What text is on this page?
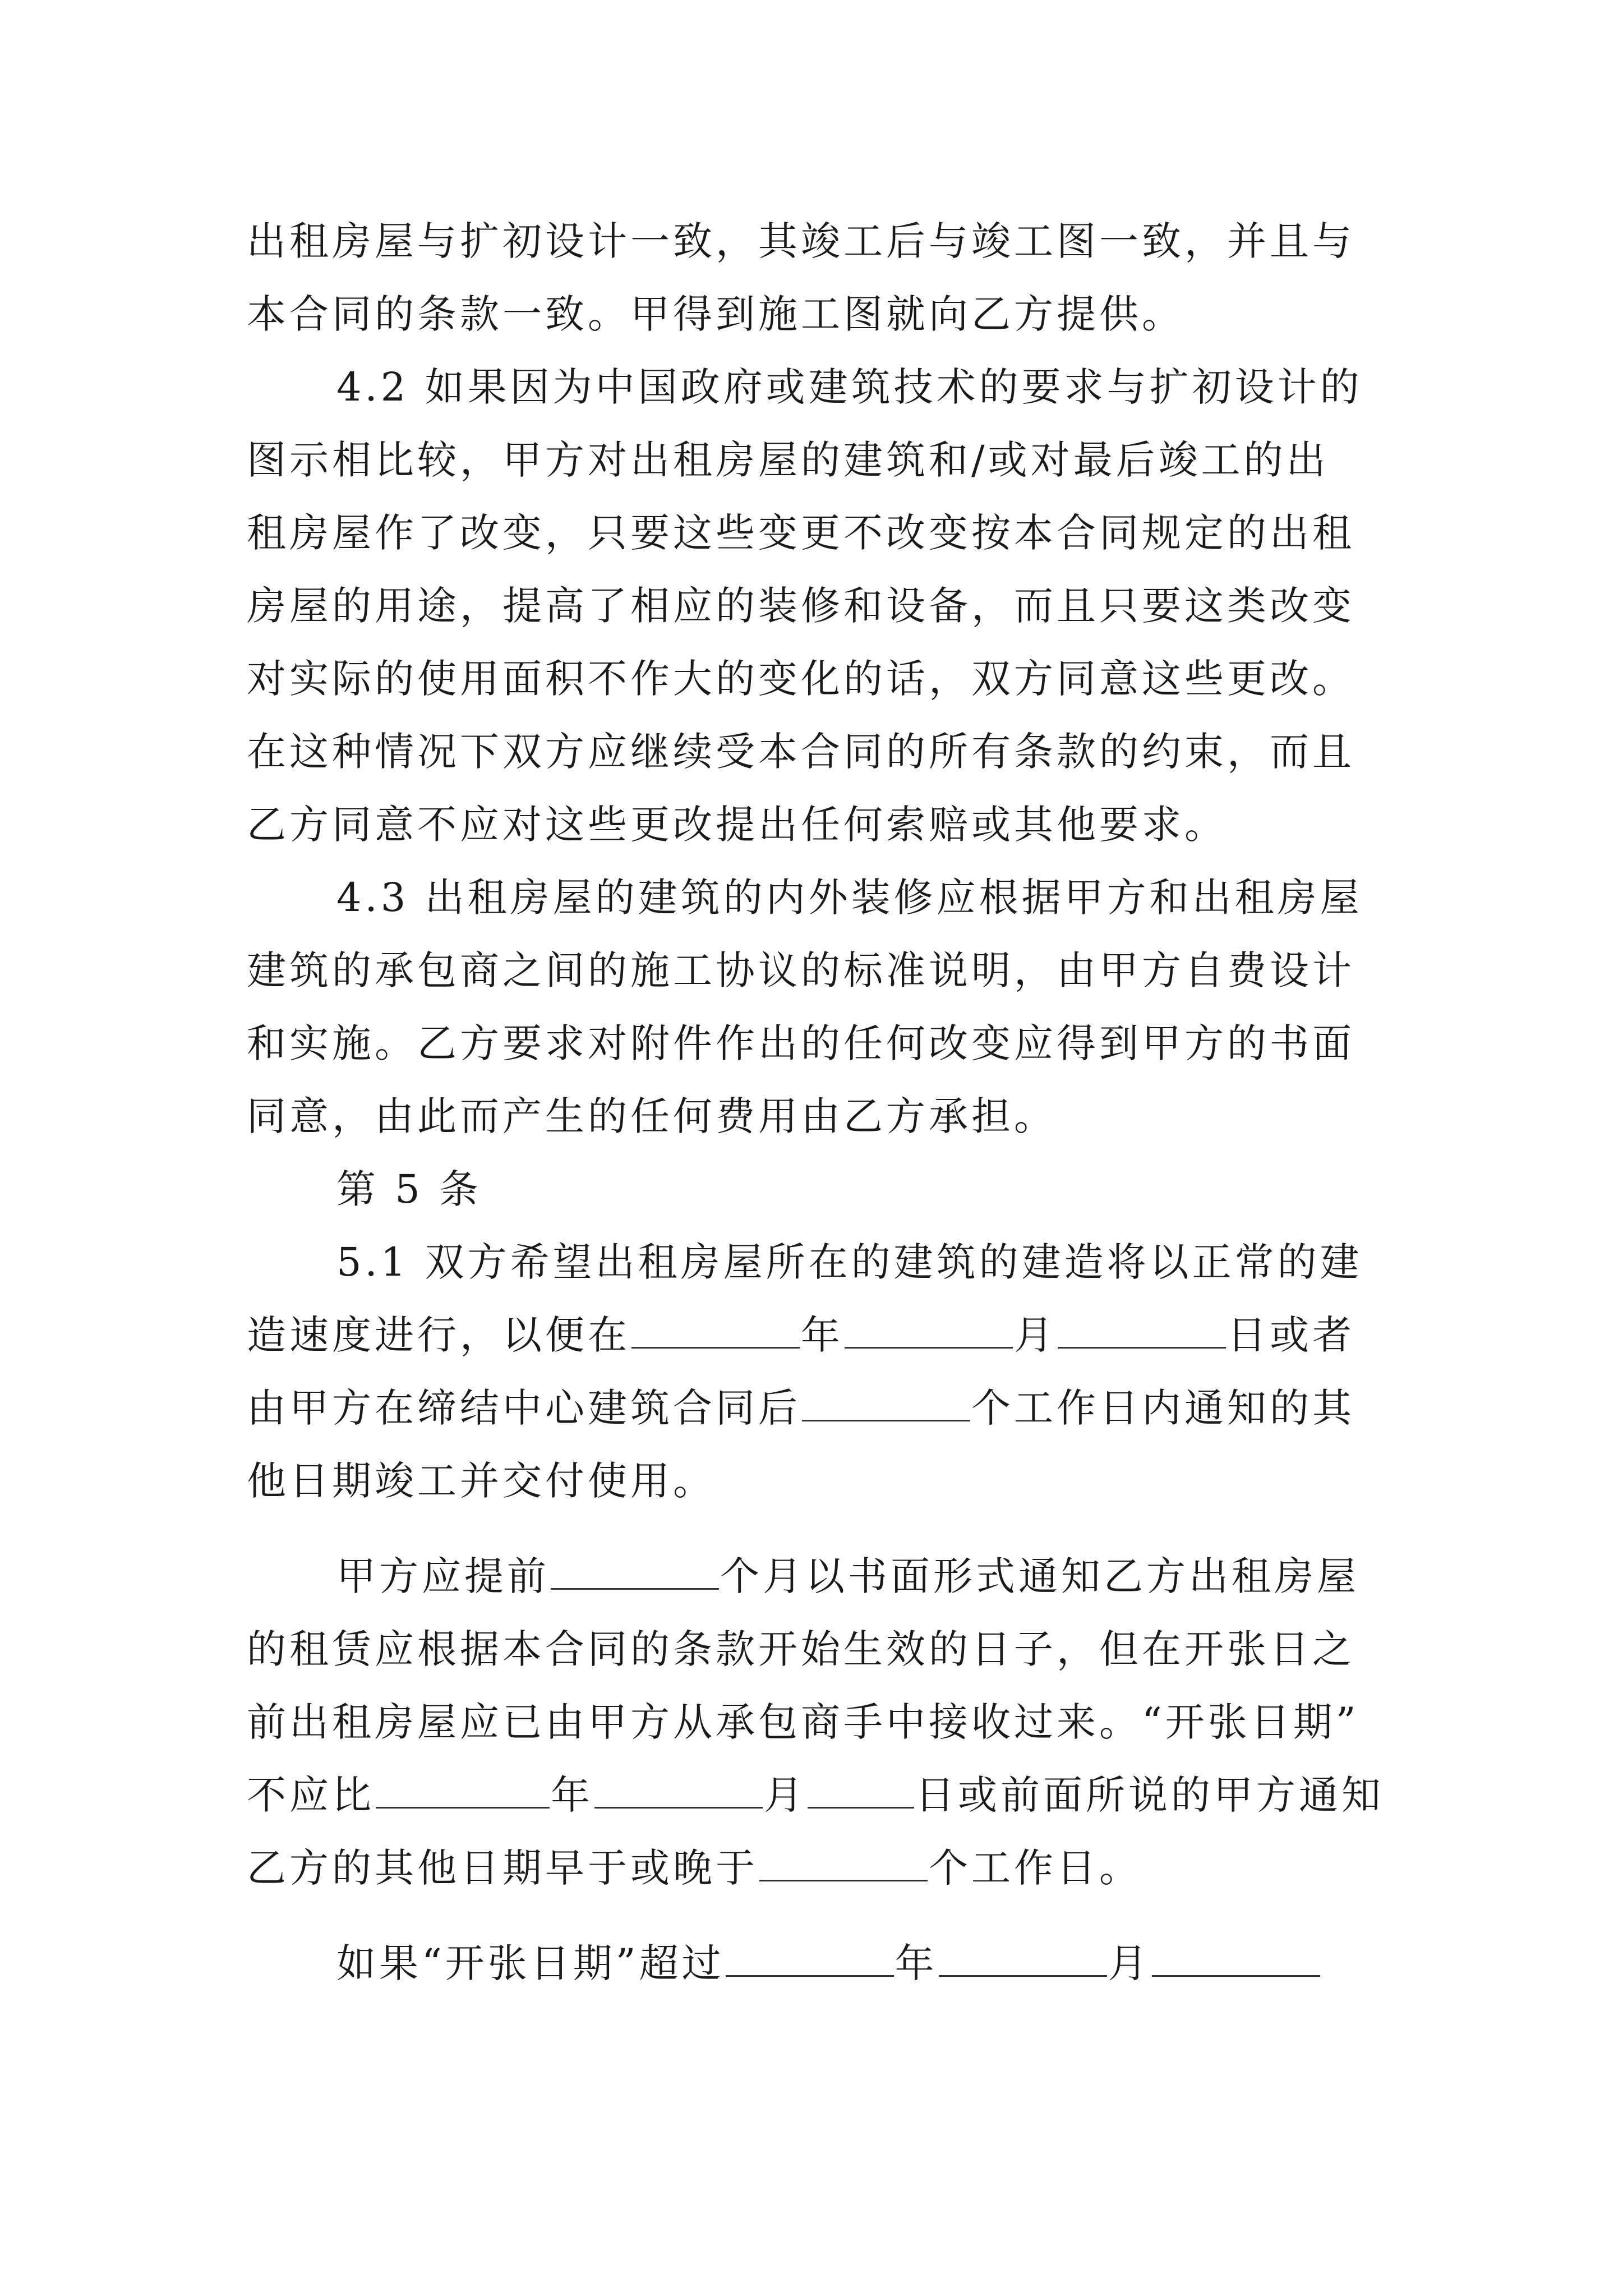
出租房屋与扩初设计一致，其竣工后与竣工图一致，并且与
本合同的条款一致。甲得到施工图就向乙方提供。
4.2 如果因为中国政府或建筑技术的要求与扩初设计的
图示相比较，甲方对出租房屋的建筑和/或对最后竣工的出
租房屋作了改变，只要这些变更不改变按本合同规定的出租
房屋的用途，提高了相应的装修和设备，而且只要这类改变
对实际的使用面积不作大的变化的话，双方同意这些更改。
在这种情况下双方应继续受本合同的所有条款的约束，而且
乙方同意不应对这些更改提出任何索赔或其他要求。
4.3 出租房屋的建筑的内外装修应根据甲方和出租房屋
建筑的承包商之间的施工协议的标准说明，由甲方自费设计
和实施。乙方要求对附件作出的任何改变应得到甲方的书面
同意，由此而产生的任何费用由乙方承担。
第 5 条
5.1 双方希望出租房屋所在的建筑的建造将以正常的建
造速度进行，以便在	年	月	日或者
由甲方在缔结中心建筑合同后	个工作日内通知的其
他日期竣工并交付使用。
甲方应提前	个月以书面形式通知乙方出租房屋
的租赁应根据本合同的条款开始生效的日子，但在开张日之
前出租房屋应已由甲方从承包商手中接收过来。“开张日期”
不应比	年	月	日或前面所说的甲方通知
乙方的其他日期早于或晚于	个工作日。
如果“开张日期”超过	年	月
